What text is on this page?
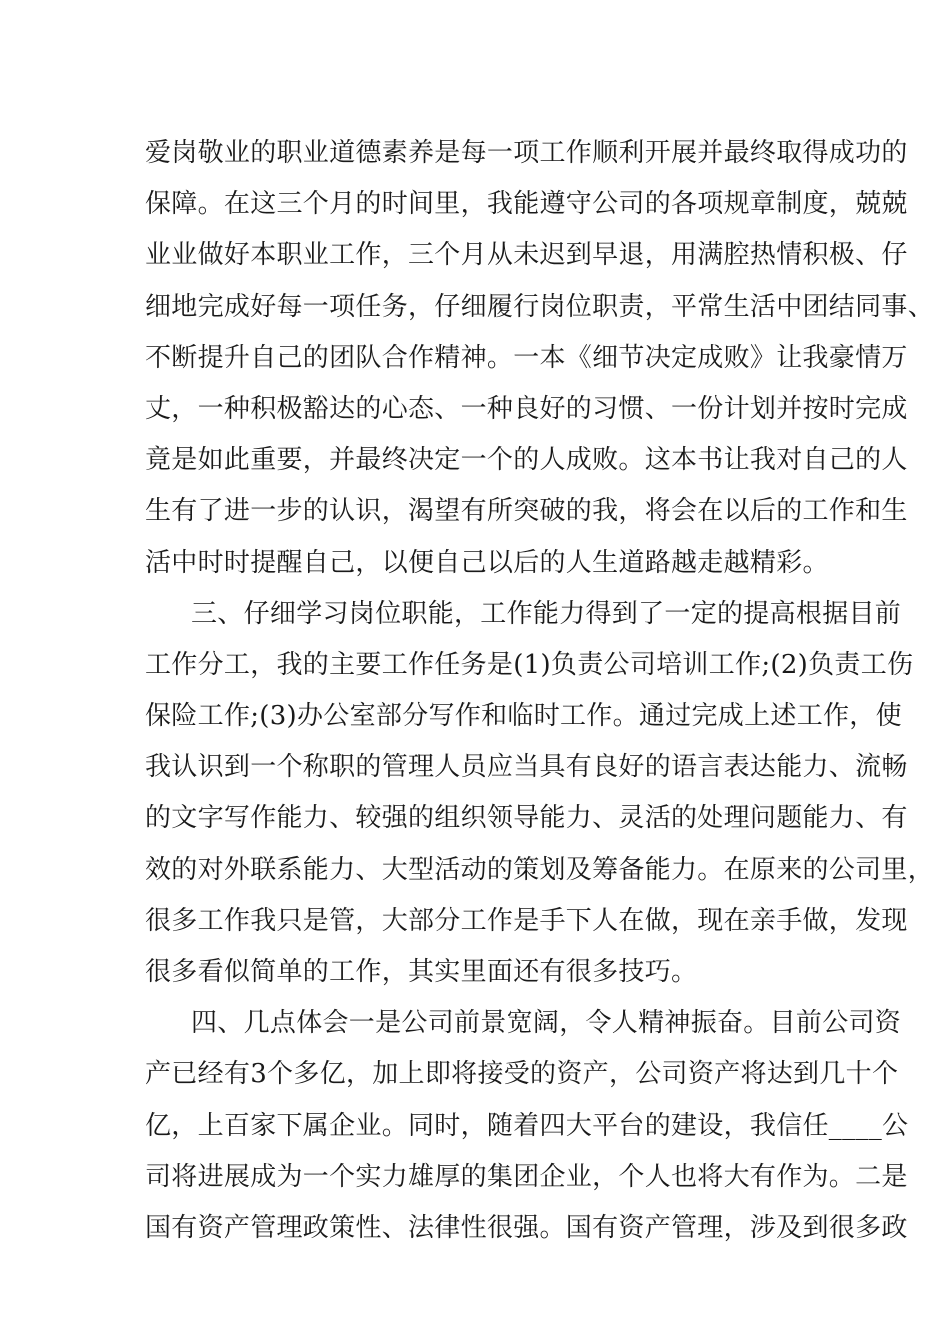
爱岗敬业的职业道德素养是每一项工作顺利开展并最终取得成功的
保障。在这三个月的时间里，我能遵守公司的各项规章制度，兢兢
业业做好本职业工作，三个月从未迟到早退，用满腔热情积极、仔
细地完成好每一项任务，仔细履行岗位职责，平常生活中团结同事、
不断提升自己的团队合作精神。一本《细节决定成败》让我豪情万
丈，一种积极豁达的心态、一种良好的习惯、一份计划并按时完成
竟是如此重要，并最终决定一个的人成败。这本书让我对自己的人
生有了进一步的认识，渴望有所突破的我，将会在以后的工作和生
活中时时提醒自己，以便自己以后的人生道路越走越精彩。
三、仔细学习岗位职能，工作能力得到了一定的提高根据目前
工作分工，我的主要工作任务是(1)负责公司培训工作;(2)负责工伤
保险工作;(3)办公室部分写作和临时工作。通过完成上述工作，使
我认识到一个称职的管理人员应当具有良好的语言表达能力、流畅
的文字写作能力、较强的组织领导能力、灵活的处理问题能力、有
效的对外联系能力、大型活动的策划及筹备能力。在原来的公司里，
很多工作我只是管，大部分工作是手下人在做，现在亲手做，发现
很多看似简单的工作，其实里面还有很多技巧。
四、几点体会一是公司前景宽阔，令人精神振奋。目前公司资
产已经有3个多亿，加上即将接受的资产，公司资产将达到几十个
亿，上百家下属企业。同时，随着四大平台的建设，我信任____公
司将进展成为一个实力雄厚的集团企业，个人也将大有作为。二是
国有资产管理政策性、法律性很强。国有资产管理，涉及到很多政
